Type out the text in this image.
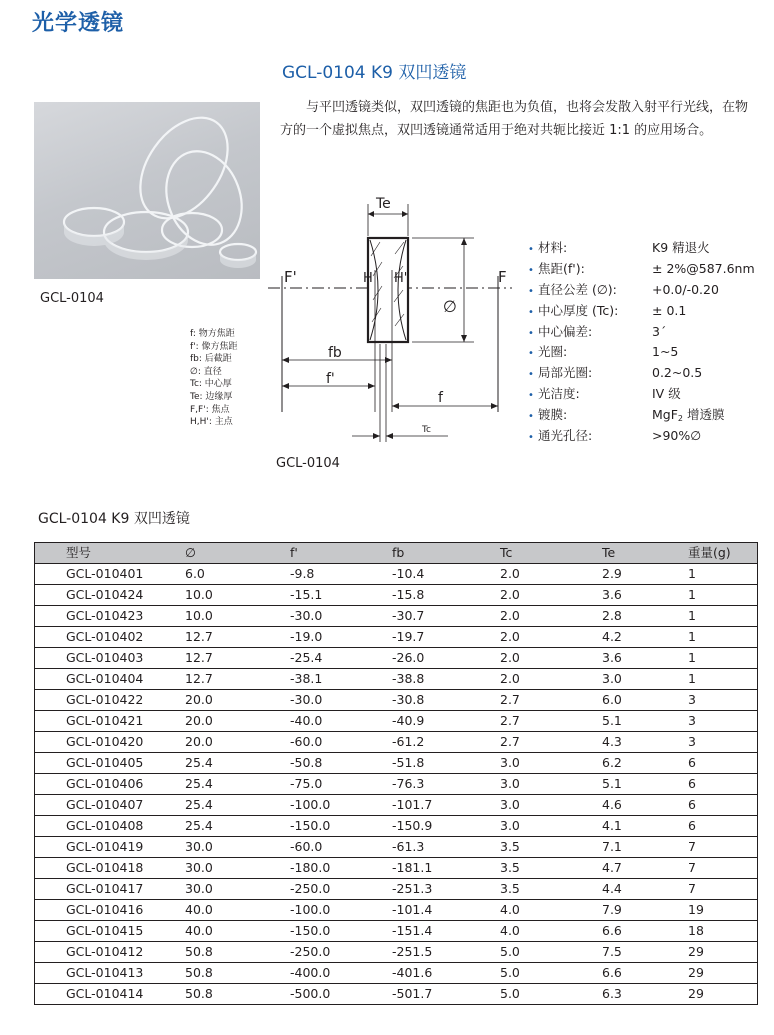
光学透镜
GCL-0104 K9 双凹透镜
GCL-0104

与平凹透镜类似，双凹透镜的焦距也为负值，也将会发散入射平行光线，在物方的一个虚拟焦点，双凹透镜通常适用于绝对共轭比接近 1:1 的应用场合。

f: 物方焦距
f': 像方焦距
fb: 后截距
∅: 直径
Tc: 中心厚
Te: 边缘厚
F,F': 焦点
H,H': 主点
Te
F'	F
H H'
∅
fb
f'
f
Tc
GCL-0104
• 材料:	K9 精退火
• 焦距(f'):	± 2%@587.6nm
• 直径公差 (∅):	+0.0/-0.20
• 中心厚度 (Tc):	± 0.1
• 中心偏差:	3´
• 光圈:	1~5
• 局部光圈:	0.2~0.5
• 光洁度:	IV 级
• 镀膜:	MgF$_2$ 增透膜
• 通光孔径:	>90%∅
GCL-0104 K9 双凹透镜
型号	∅	f'	fb	Tc	Te	重量(g)
GCL-010401	6.0	-9.8	-10.4	2.0	2.9	1
GCL-010424	10.0	-15.1	-15.8	2.0	3.6	1
GCL-010423	10.0	-30.0	-30.7	2.0	2.8	1
GCL-010402	12.7	-19.0	-19.7	2.0	4.2	1
GCL-010403	12.7	-25.4	-26.0	2.0	3.6	1
GCL-010404	12.7	-38.1	-38.8	2.0	3.0	1
GCL-010422	20.0	-30.0	-30.8	2.7	6.0	3
GCL-010421	20.0	-40.0	-40.9	2.7	5.1	3
GCL-010420	20.0	-60.0	-61.2	2.7	4.3	3
GCL-010405	25.4	-50.8	-51.8	3.0	6.2	6
GCL-010406	25.4	-75.0	-76.3	3.0	5.1	6
GCL-010407	25.4	-100.0	-101.7	3.0	4.6	6
GCL-010408	25.4	-150.0	-150.9	3.0	4.1	6
GCL-010419	30.0	-60.0	-61.3	3.5	7.1	7
GCL-010418	30.0	-180.0	-181.1	3.5	4.7	7
GCL-010417	30.0	-250.0	-251.3	3.5	4.4	7
GCL-010416	40.0	-100.0	-101.4	4.0	7.9	19
GCL-010415	40.0	-150.0	-151.4	4.0	6.6	18
GCL-010412	50.8	-250.0	-251.5	5.0	7.5	29
GCL-010413	50.8	-400.0	-401.6	5.0	6.6	29
GCL-010414	50.8	-500.0	-501.7	5.0	6.3	29
